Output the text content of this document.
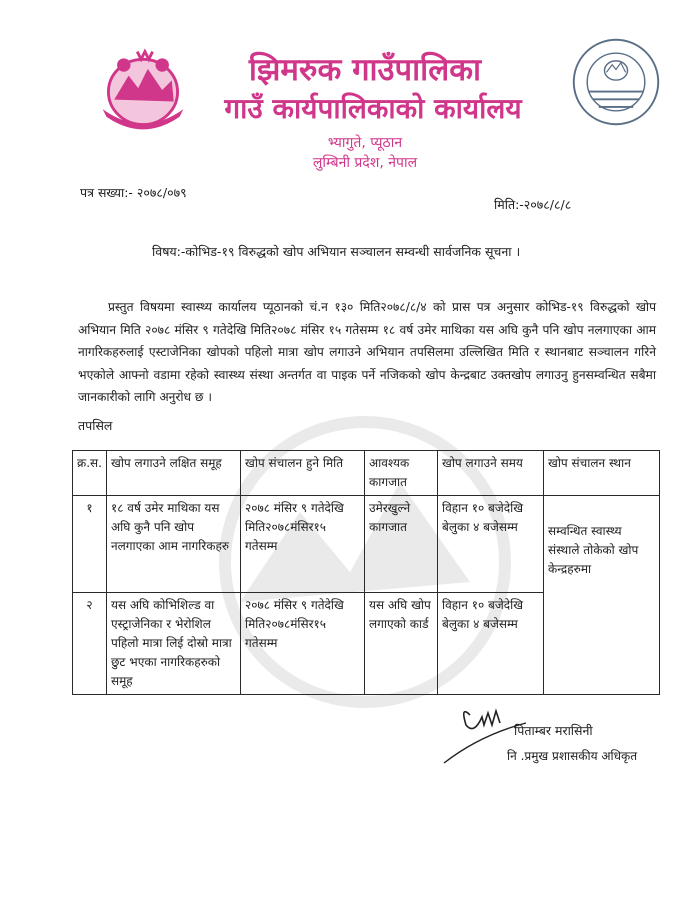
झिमरुक गाउँपालिका
गाउँ कार्यपालिकाको कार्यालय
भ्यागुते, प्यूठान
लुम्बिनी प्रदेश, नेपाल
पत्र सख्या:- २०७८/०७९
मिति:-२०७८/८/८
विषय:-कोभिड-१९ विरुद्धको खोप अभियान सञ्चालन सम्वन्धी सार्वजनिक सूचना ।
प्रस्तुत विषयमा स्वास्थ्य कार्यालय प्यूठानको चं.न १३० मिति२०७८/८/४ को प्रास पत्र अनुसार कोभिड-१९ विरुद्धको खोप अभियान मिति २०७८ मंसिर ९ गतेदेखि मिति२०७८ मंसिर १५ गतेसम्म १८ वर्ष उमेर माथिका यस अघि कुनै पनि खोप नलगाएका आम नागरिकहरुलाई एस्टाजेनिका खोपको पहिलो मात्रा खोप लगाउने अभियान तपसिलमा उल्लिखित मिति र स्थानबाट सञ्चालन गरिने भएकोले आफ्नो वडामा रहेको स्वास्थ्य संस्था अन्तर्गत वा पाइक पर्ने नजिकको खोप केन्द्रबाट उक्तखोप लगाउनु हुनसम्वन्धित सबैमा जानकारीको लागि अनुरोध छ ।
तपसिल
क्र.स.	खोप लगाउने लक्षित समूह	खोप संचालन हुने मिति	आवश्यक कागजात	खोप लगाउने समय	खोप संचालन स्थान
१	१८ वर्ष उमेर माथिका यस अघि कुनै पनि खोप नलगाएका आम नागरिकहरु	२०७८ मंसिर ९ गतेदेखि मिति२०७८मंसिर१५ गतेसम्म	उमेरखुल्ने कागजात	विहान १० बजेदेखि बेलुका ४ बजेसम्म	सम्वन्धित स्वास्थ्य संस्थाले तोकेको खोप केन्द्रहरुमा
२	यस अघि कोभिशिल्ड वा एस्ट्राजेनिका र भेरोशिल पहिलो मात्रा लिई दोस्रो मात्रा छुट भएका नागरिकहरुको समूह	२०७८ मंसिर ९ गतेदेखि मिति२०७८मंसिर१५ गतेसम्म	यस अघि खोप लगाएको कार्ड	विहान १० बजेदेखि बेलुका ४ बजेसम्म	
पिताम्बर मरासिनी
नि .प्रमुख प्रशासकीय अधिकृत
